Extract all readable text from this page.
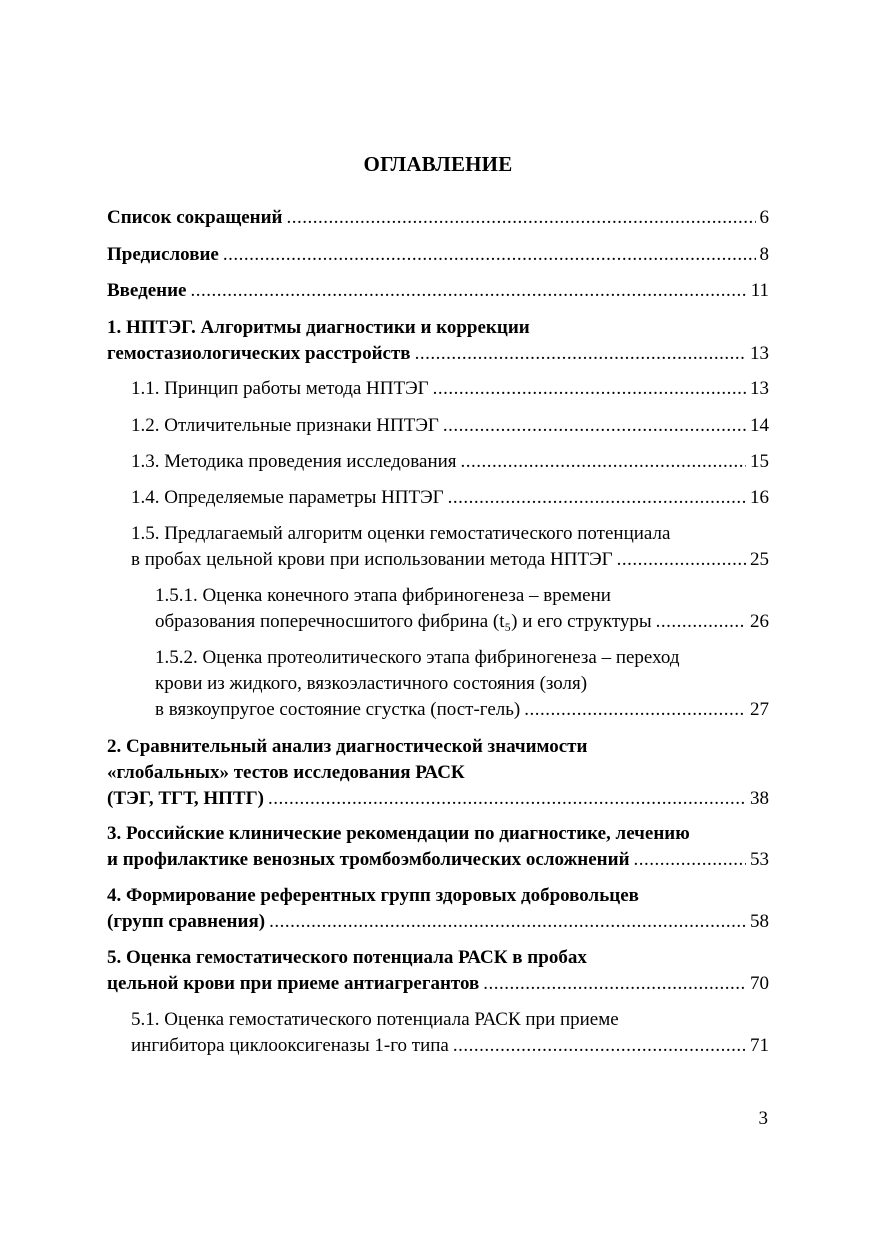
ОГЛАВЛЕНИЕ
Список сокращений .....	6
Предисловие .....	8
Введение .....	11
1. НПТЭГ. Алгоритмы диагностики и коррекции
гемостазиологических расстройств .....	13
1.1. Принцип работы метода НПТЭГ .....	13
1.2. Отличительные признаки НПТЭГ .....	14
1.3. Методика проведения исследования .....	15
1.4. Определяемые параметры НПТЭГ .....	16
1.5. Предлагаемый алгоритм оценки гемостатического потенциала
в пробах цельной крови при использовании метода НПТЭГ .....	25
1.5.1. Оценка конечного этапа фибриногенеза – времени
образования поперечносшитого фибрина (t₅) и его структуры .....	26
1.5.2. Оценка протеолитического этапа фибриногенеза – переход
крови из жидкого, вязкоэластичного состояния (золя)
в вязкоупругое состояние сгустка (пост-гель) .....	27
2. Сравнительный анализ диагностической значимости
«глобальных» тестов исследования РАСК
(ТЭГ, ТГТ, НПТГ) .....	38
3. Российские клинические рекомендации по диагностике, лечению
и профилактике венозных тромбоэмболических осложнений .....	53
4. Формирование референтных групп здоровых добровольцев
(групп сравнения) .....	58
5. Оценка гемостатического потенциала РАСК в пробах
цельной крови при приеме антиагрегантов .....	70
5.1. Оценка гемостатического потенциала РАСК при приеме
ингибитора циклооксигеназы 1-го типа .....	71
3
